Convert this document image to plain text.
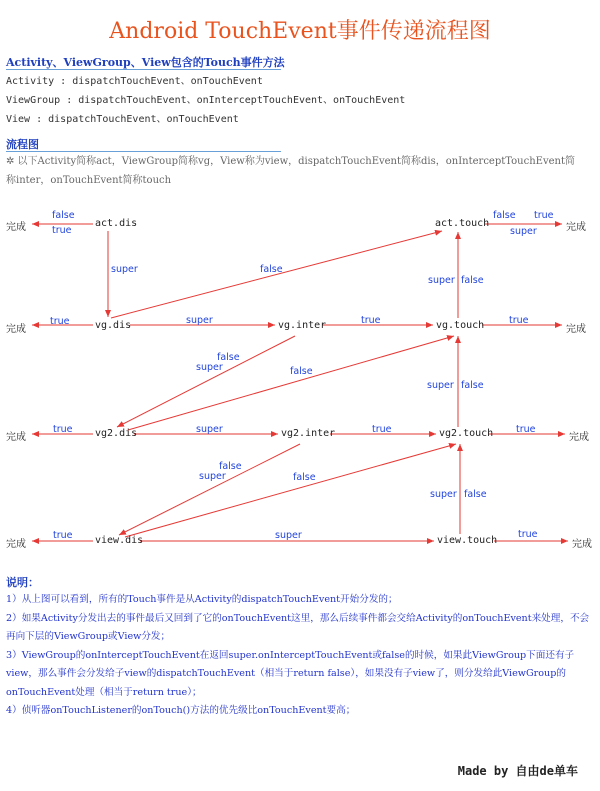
Android TouchEvent事件传递流程图
Activity、ViewGroup、View包含的Touch事件方法
Activity : dispatchTouchEvent、onTouchEvent
ViewGroup : dispatchTouchEvent、onInterceptTouchEvent、onTouchEvent
View : dispatchTouchEvent、onTouchEvent
流程图
✲ 以下Activity简称act，ViewGroup简称vg，View称为view，dispatchTouchEvent简称dis，onInterceptTouchEvent简称inter，onTouchEvent简称touch
完成	act.dis	act.touch	完成
完成	vg.dis	vg.inter	vg.touch	完成
完成	vg2.dis	vg2.inter	vg2.touch	完成
完成	view.dis	view.touch	完成
false
true
false true
super
super	false
super false
true	super	true	true
false
super	false
super false
true	super	true	true
false
super	false
super false
true	super	true
说明：

1）从上图可以看到，所有的Touch事件是从Activity的dispatchTouchEvent开始分发的；

2）如果Activity分发出去的事件最后又回到了它的onTouchEvent这里，那么后续事件都会交给Activity的onTouchEvent来处理，不会再向下层的ViewGroup或View分发；

3）ViewGroup的onInterceptTouchEvent在返回super.onInterceptTouchEvent或false的时候，如果此ViewGroup下面还有子view，那么事件会分发给子view的dispatchTouchEvent（相当于return false），如果没有子view了，则分发给此ViewGroup的onTouchEvent处理（相当于return true）；

4）侦听器onTouchListener的onTouch()方法的优先级比onTouchEvent要高；

Made by 自由de单车
